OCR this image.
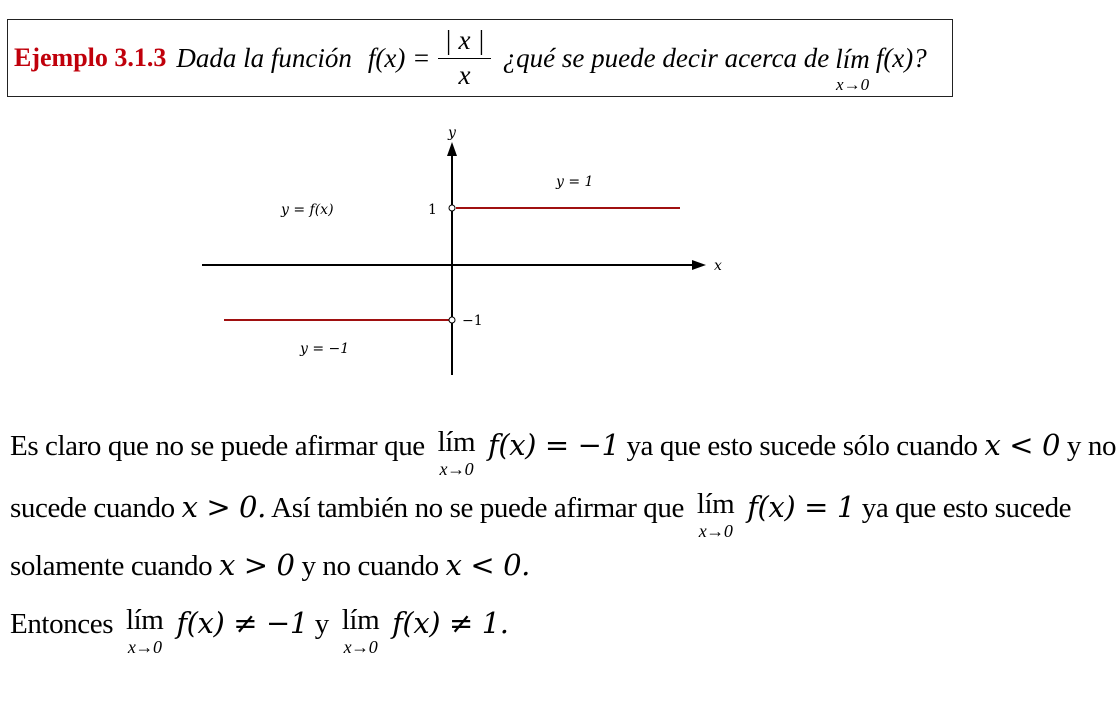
Ejemplo 3.1.3 Dada la función $f(x) = \frac{| x |}{x}$ ¿qué se puede decir acerca de lím
x→0
f(x)?
x
y
1
−1
y = 1
y = −1
y = f(x)
Es claro que no se puede afirmar que lím
x→0
f(x) = −1 ya que esto sucede sólo cuando x < 0 y no
sucede cuando x > 0. Así también no se puede afirmar que lím
x→0
f(x) = 1 ya que esto sucede
solamente cuando x > 0 y no cuando x < 0.
Entonces lím
x→0
f(x) ≠ −1 y lím
x→0
f(x) ≠ 1.
